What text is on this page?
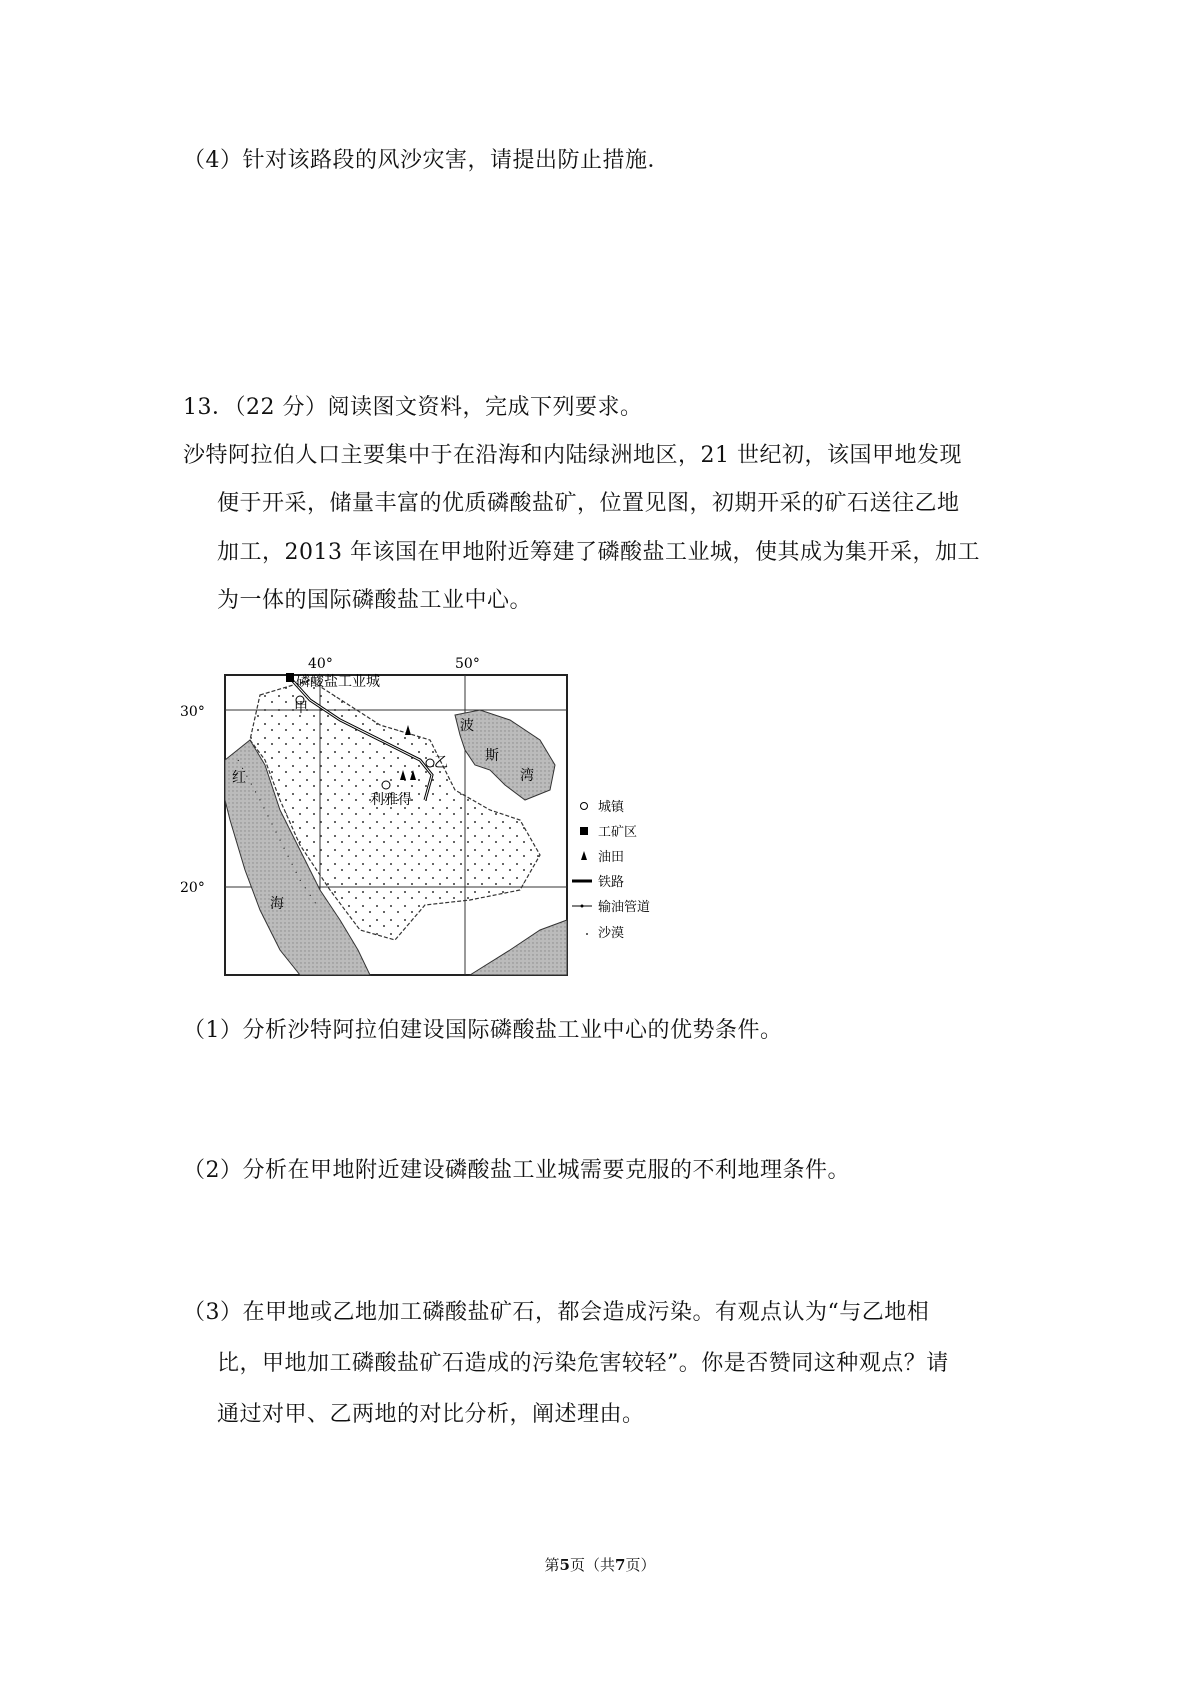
（4）针对该路段的风沙灾害，请提出防止措施．
13．（22 分）阅读图文资料，完成下列要求。
沙特阿拉伯人口主要集中于在沿海和内陆绿洲地区，21 世纪初，该国甲地发现
便于开采，储量丰富的优质磷酸盐矿，位置见图，初期开采的矿石送往乙地
加工，2013 年该国在甲地附近筹建了磷酸盐工业城，使其成为集开采，加工
为一体的国际磷酸盐工业中心。
40°	50°
30°
20°
磷酸盐工业城
甲
乙
利雅得
红
海
波
斯
湾
城镇
工矿区
油田
铁路
输油管道
沙漠
（1）分析沙特阿拉伯建设国际磷酸盐工业中心的优势条件。
（2）分析在甲地附近建设磷酸盐工业城需要克服的不利地理条件。
（3）在甲地或乙地加工磷酸盐矿石，都会造成污染。有观点认为“与乙地相
比，甲地加工磷酸盐矿石造成的污染危害较轻”。你是否赞同这种观点？请
通过对甲、乙两地的对比分析，阐述理由。
第5页（共7页）
